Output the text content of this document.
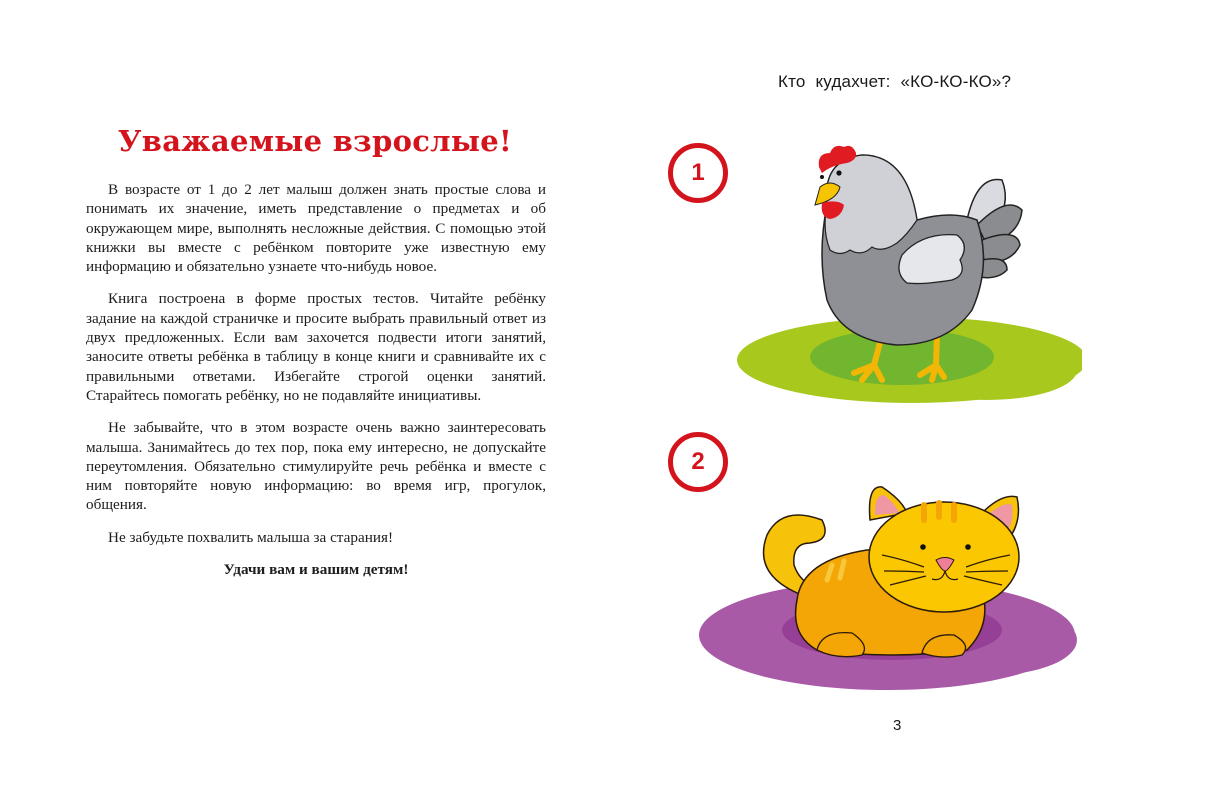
Уважаемые взрослые!

В возрасте от 1 до 2 лет малыш должен знать простые слова и понимать их значение, иметь представление о предметах и об окружающем мире, выполнять несложные действия. С помощью этой книжки вы вместе с ребёнком повторите уже известную ему информацию и обязательно узнаете что-нибудь новое.

Книга построена в форме простых тестов. Читайте ребёнку задание на каждой страничке и просите выбрать правильный ответ из двух предложенных. Если вам захочется подвести итоги занятий, заносите ответы ребёнка в таблицу в конце книги и сравнивайте их с правильными ответами. Избегайте строгой оценки занятий. Старайтесь помогать ребёнку, но не подавляйте инициативы.

Не забывайте, что в этом возрасте очень важно заинтересовать малыша. Занимайтесь до тех пор, пока ему интересно, не допускайте переутомления. Обязательно стимулируйте речь ребёнка и вместе с ним повторяйте новую информацию: во время игр, прогулок, общения.

Не забудьте похвалить малыша за старания!

Удачи вам и вашим детям!

Кто кудахчет: «КО-КО-КО»?
1
2
3
